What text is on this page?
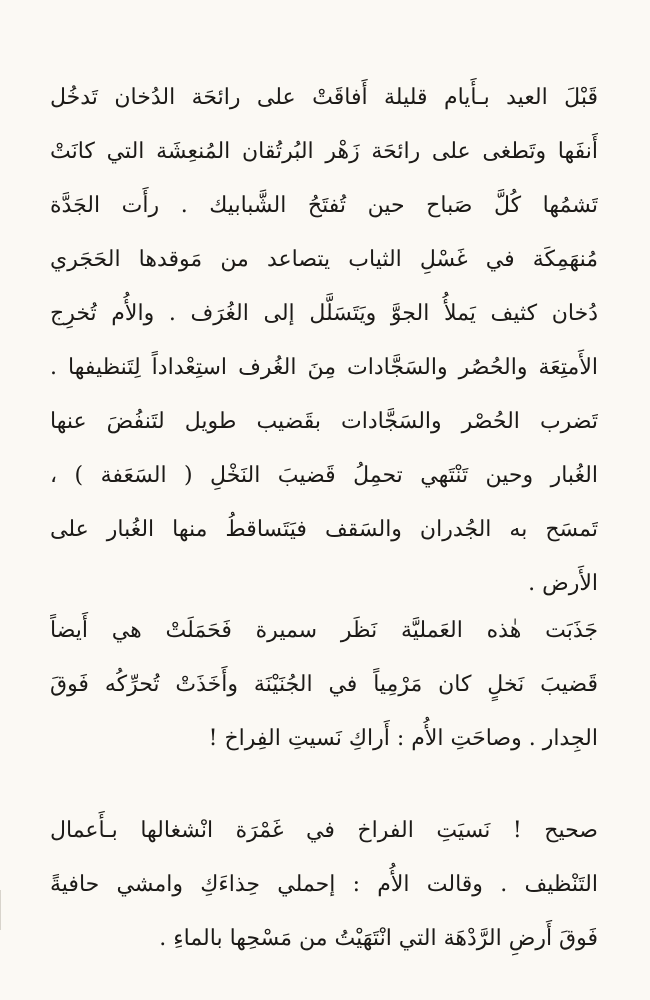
قَبْلَ العيد بـأَيام قليلة أَفاقَتْ على رائحَة الدُخان تَدخُل
أَنفَها وتَطغى على رائحَة زَهْر البُرتُقان المُنعِشَة التي كانَتْ
تَشمُها كُلَّ صَباح حين تُفتَحُ الشَّبابيك . رأَت الجَدَّة
مُنهَمِكَة في غَسْلِ الثياب يتصاعد من مَوقدها الحَجَري
دُخان كثيف يَملأُ الجوَّ ويَتَسَلَّل إلى الغُرَف . والأُم تُخرِج
الأَمتِعَة والحُصُر والسَجَّادات مِنَ الغُرف استِعْداداً لِتَنظيفها .
تَضرب الحُصْر والسَجَّادات بقَضيب طويل لتَنفُضَ عنها
الغُبار وحين تَنْتَهي تحمِلُ قَضيبَ النَخْلِ ( السَعَفة ) ،
تَمسَح به الجُدران والسَقف فيَتَساقطُ منها الغُبار على
الأَرض .
جَذَبَت هٰذه العَمليَّة نَظَر سميرة فَحَمَلَتْ هي أَيضاً
قَضيبَ نَخلٍ كان مَرْمِياً في الجُنَيْنَة وأَخَذَتْ تُحرِّكُه فَوقَ
الجِدار . وصاحَتِ الأُم : أَراكِ نَسيتِ الفِراخ !
صحيح ! نَسيَتِ الفراخ في غَمْرَة انْشغالها بـأَعمال
التَنْظيف . وقالت الأُم : إحملي حِذاءَكِ وامشي حافيةً
فَوقَ أَرضِ الرَّدْهَة التي انْتَهَيْتُ من مَسْحِها بالماءِ .
